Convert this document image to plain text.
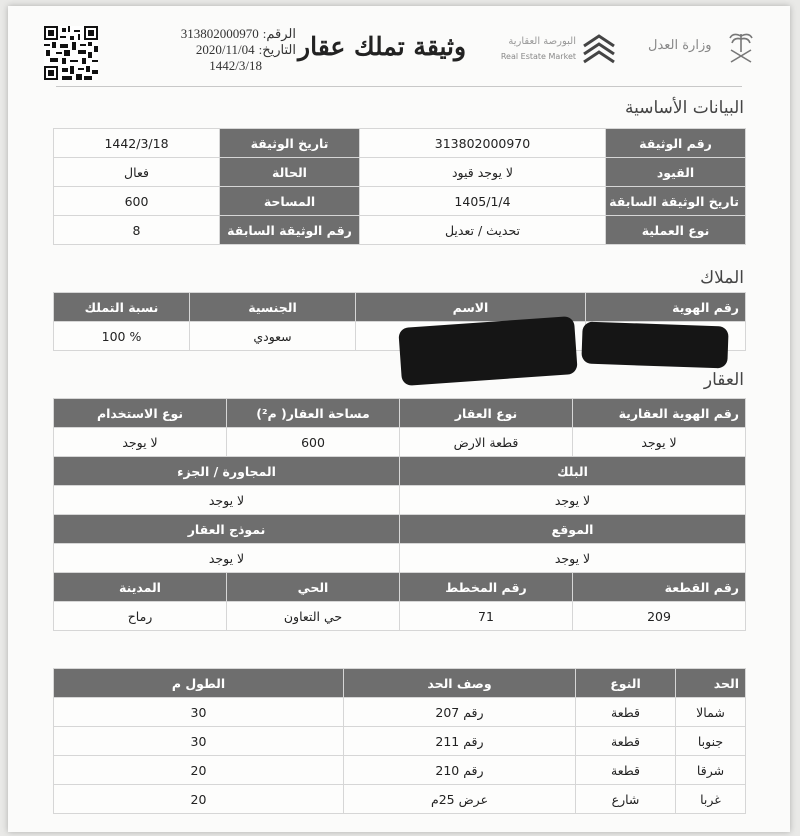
الرقم:
313802000970
التاريخ:
2020/11/04
1442/3/18
وثيقة تملك عقار	البورصة العقارية
Real Estate Market
وزارة العدل
البيانات الأساسية
رقم الوثيقة	313802000970	تاريخ الوثيقة	1442/3/18
القيود	لا يوجد قيود	الحالة	فعال
تاريخ الوثيقة السابقة	1405/1/4	المساحة	600
نوع العملية	تحديث / تعديل	رقم الوثيقة السابقة	8
الملاك
رقم الهوية	الاسم	الجنسية	نسبة التملك
		سعودي	100 %
العقار
رقم الهوية العقارية	نوع العقار	مساحة العقار( م²)	نوع الاستخدام
لا يوجد	قطعة الارض	600	لا يوجد
البلك		المجاورة / الجزء	
لا يوجد		لا يوجد	
الموقع		نموذج العقار	
لا يوجد		لا يوجد	
رقم القطعة	رقم المخطط	الحي	المدينة
209	71	حي التعاون	رماح
الحد	النوع	وصف الحد	الطول م
شمالا	قطعة	رقم 207	30
جنوبا	قطعة	رقم 211	30
شرقا	قطعة	رقم 210	20
غربا	شارع	عرض 25م	20
